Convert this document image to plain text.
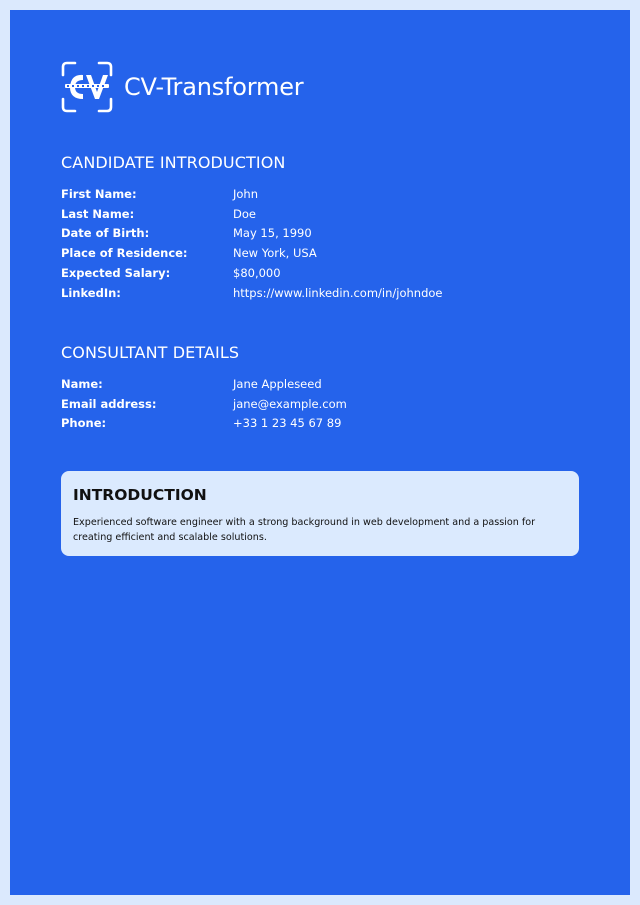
CV-Transformer
CANDIDATE INTRODUCTION
First Name:	John
Last Name:	Doe
Date of Birth:	May 15, 1990
Place of Residence:	New York, USA
Expected Salary:	$80,000
LinkedIn:	https://www.linkedin.com/in/johndoe
CONSULTANT DETAILS
Name:	Jane Appleseed
Email address:	jane@example.com
Phone:	+33 1 23 45 67 89
INTRODUCTION

Experienced software engineer with a strong background in web development and a passion for creating efficient and scalable solutions.
